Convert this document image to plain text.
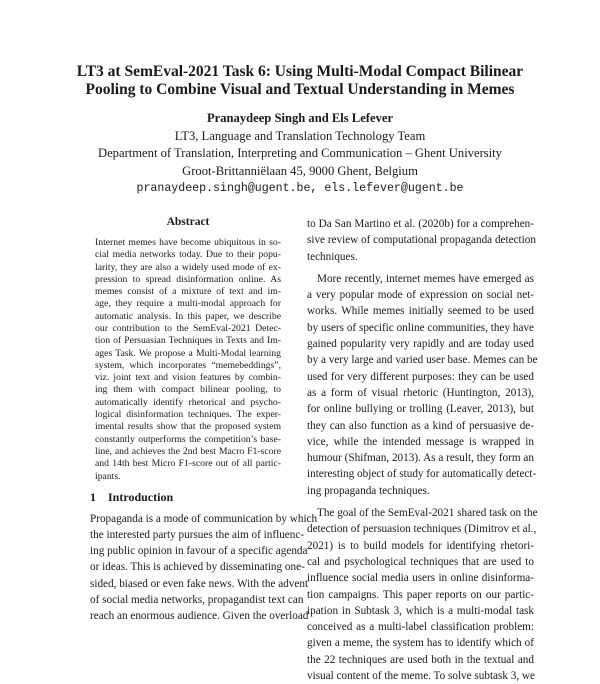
LT3 at SemEval-2021 Task 6: Using Multi-Modal Compact Bilinear
Pooling to Combine Visual and Textual Understanding in Memes
Pranaydeep Singh and Els Lefever
LT3, Language and Translation Technology Team
Department of Translation, Interpreting and Communication – Ghent University
Groot-Brittanniëlaan 45, 9000 Ghent, Belgium
pranaydeep.singh@ugent.be, els.lefever@ugent.be
Abstract
Internet memes have become ubiquitous in so-
cial media networks today. Due to their popu-
larity, they are also a widely used mode of ex-
pression to spread disinformation online. As
memes consist of a mixture of text and im-
age, they require a multi-modal approach for
automatic analysis. In this paper, we describe
our contribution to the SemEval-2021 Detec-
tion of Persuasian Techniques in Texts and Im-
ages Task. We propose a Multi-Modal learning
system, which incorporates “memebeddings”,
viz. joint text and vision features by combin-
ing them with compact bilinear pooling, to
automatically identify rhetorical and psycho-
logical disinformation techniques. The exper-
imental results show that the proposed system
constantly outperforms the competition’s base-
line, and achieves the 2nd best Macro F1-score
and 14th best Micro F1-score out of all partic-
ipants.
1 Introduction
Propaganda is a mode of communication by which
the interested party pursues the aim of influenc-
ing public opinion in favour of a specific agenda
or ideas. This is achieved by disseminating one-
sided, biased or even fake news. With the advent
of social media networks, propagandist text can
reach an enormous audience. Given the overload
to Da San Martino et al. (2020b) for a comprehen-
sive review of computational propaganda detection
techniques.
More recently, internet memes have emerged as
a very popular mode of expression on social net-
works. While memes initially seemed to be used
by users of specific online communities, they have
gained popularity very rapidly and are today used
by a very large and varied user base. Memes can be
used for very different purposes: they can be used
as a form of visual rhetoric (Huntington, 2013),
for online bullying or trolling (Leaver, 2013), but
they can also function as a kind of persuasive de-
vice, while the intended message is wrapped in
humour (Shifman, 2013). As a result, they form an
interesting object of study for automatically detect-
ing propaganda techniques.
The goal of the SemEval-2021 shared task on the
detection of persuasion techniques (Dimitrov et al.,
2021) is to build models for identifying rhetori-
cal and psychological techniques that are used to
influence social media users in online disinforma-
tion campaigns. This paper reports on our partic-
ipation in Subtask 3, which is a multi-modal task
conceived as a multi-label classification problem:
given a meme, the system has to identify which of
the 22 techniques are used both in the textual and
visual content of the meme. To solve subtask 3, we
